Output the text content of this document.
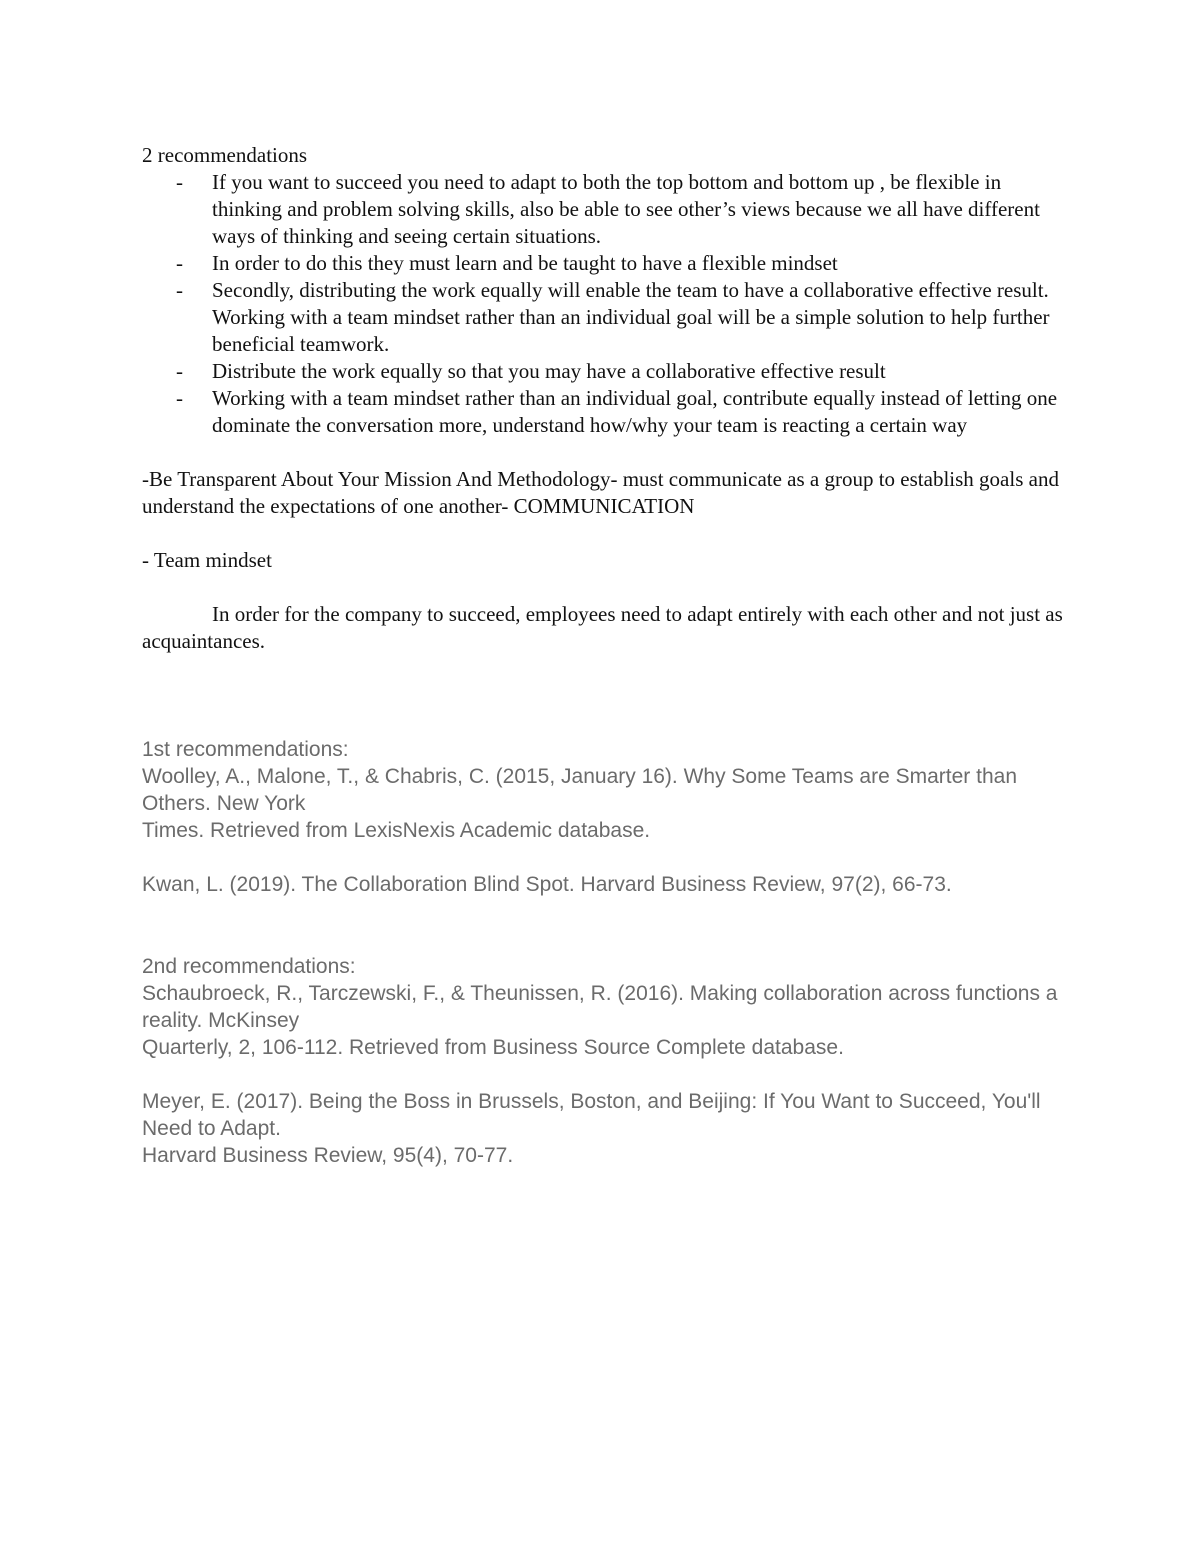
2 recommendations

- If you want to succeed you need to adapt to both the top bottom and bottom up , be flexible in thinking and problem solving skills, also be able to see other’s views because we all have different ways of thinking and seeing certain situations.
- In order to do this they must learn and be taught to have a flexible mindset
- Secondly, distributing the work equally will enable the team to have a collaborative effective result. Working with a team mindset rather than an individual goal will be a simple solution to help further beneficial teamwork.
- Distribute the work equally so that you may have a collaborative effective result
- Working with a team mindset rather than an individual goal, contribute equally instead of letting one dominate the conversation more, understand how/why your team is reacting a certain way

-Be Transparent About Your Mission And Methodology- must communicate as a group to establish goals and understand the expectations of one another- COMMUNICATION

- Team mindset

In order for the company to succeed, employees need to adapt entirely with each other and not just as acquaintances.

1st recommendations:

Woolley, A., Malone, T., & Chabris, C. (2015, January 16). Why Some Teams are Smarter than Others. New York

Times. Retrieved from LexisNexis Academic database.

Kwan, L. (2019). The Collaboration Blind Spot. Harvard Business Review, 97(2), 66-73.

2nd recommendations:

Schaubroeck, R., Tarczewski, F., & Theunissen, R. (2016). Making collaboration across functions a reality. McKinsey

Quarterly, 2, 106-112. Retrieved from Business Source Complete database.

Meyer, E. (2017). Being the Boss in Brussels, Boston, and Beijing: If You Want to Succeed, You'll Need to Adapt.

Harvard Business Review, 95(4), 70-77.
